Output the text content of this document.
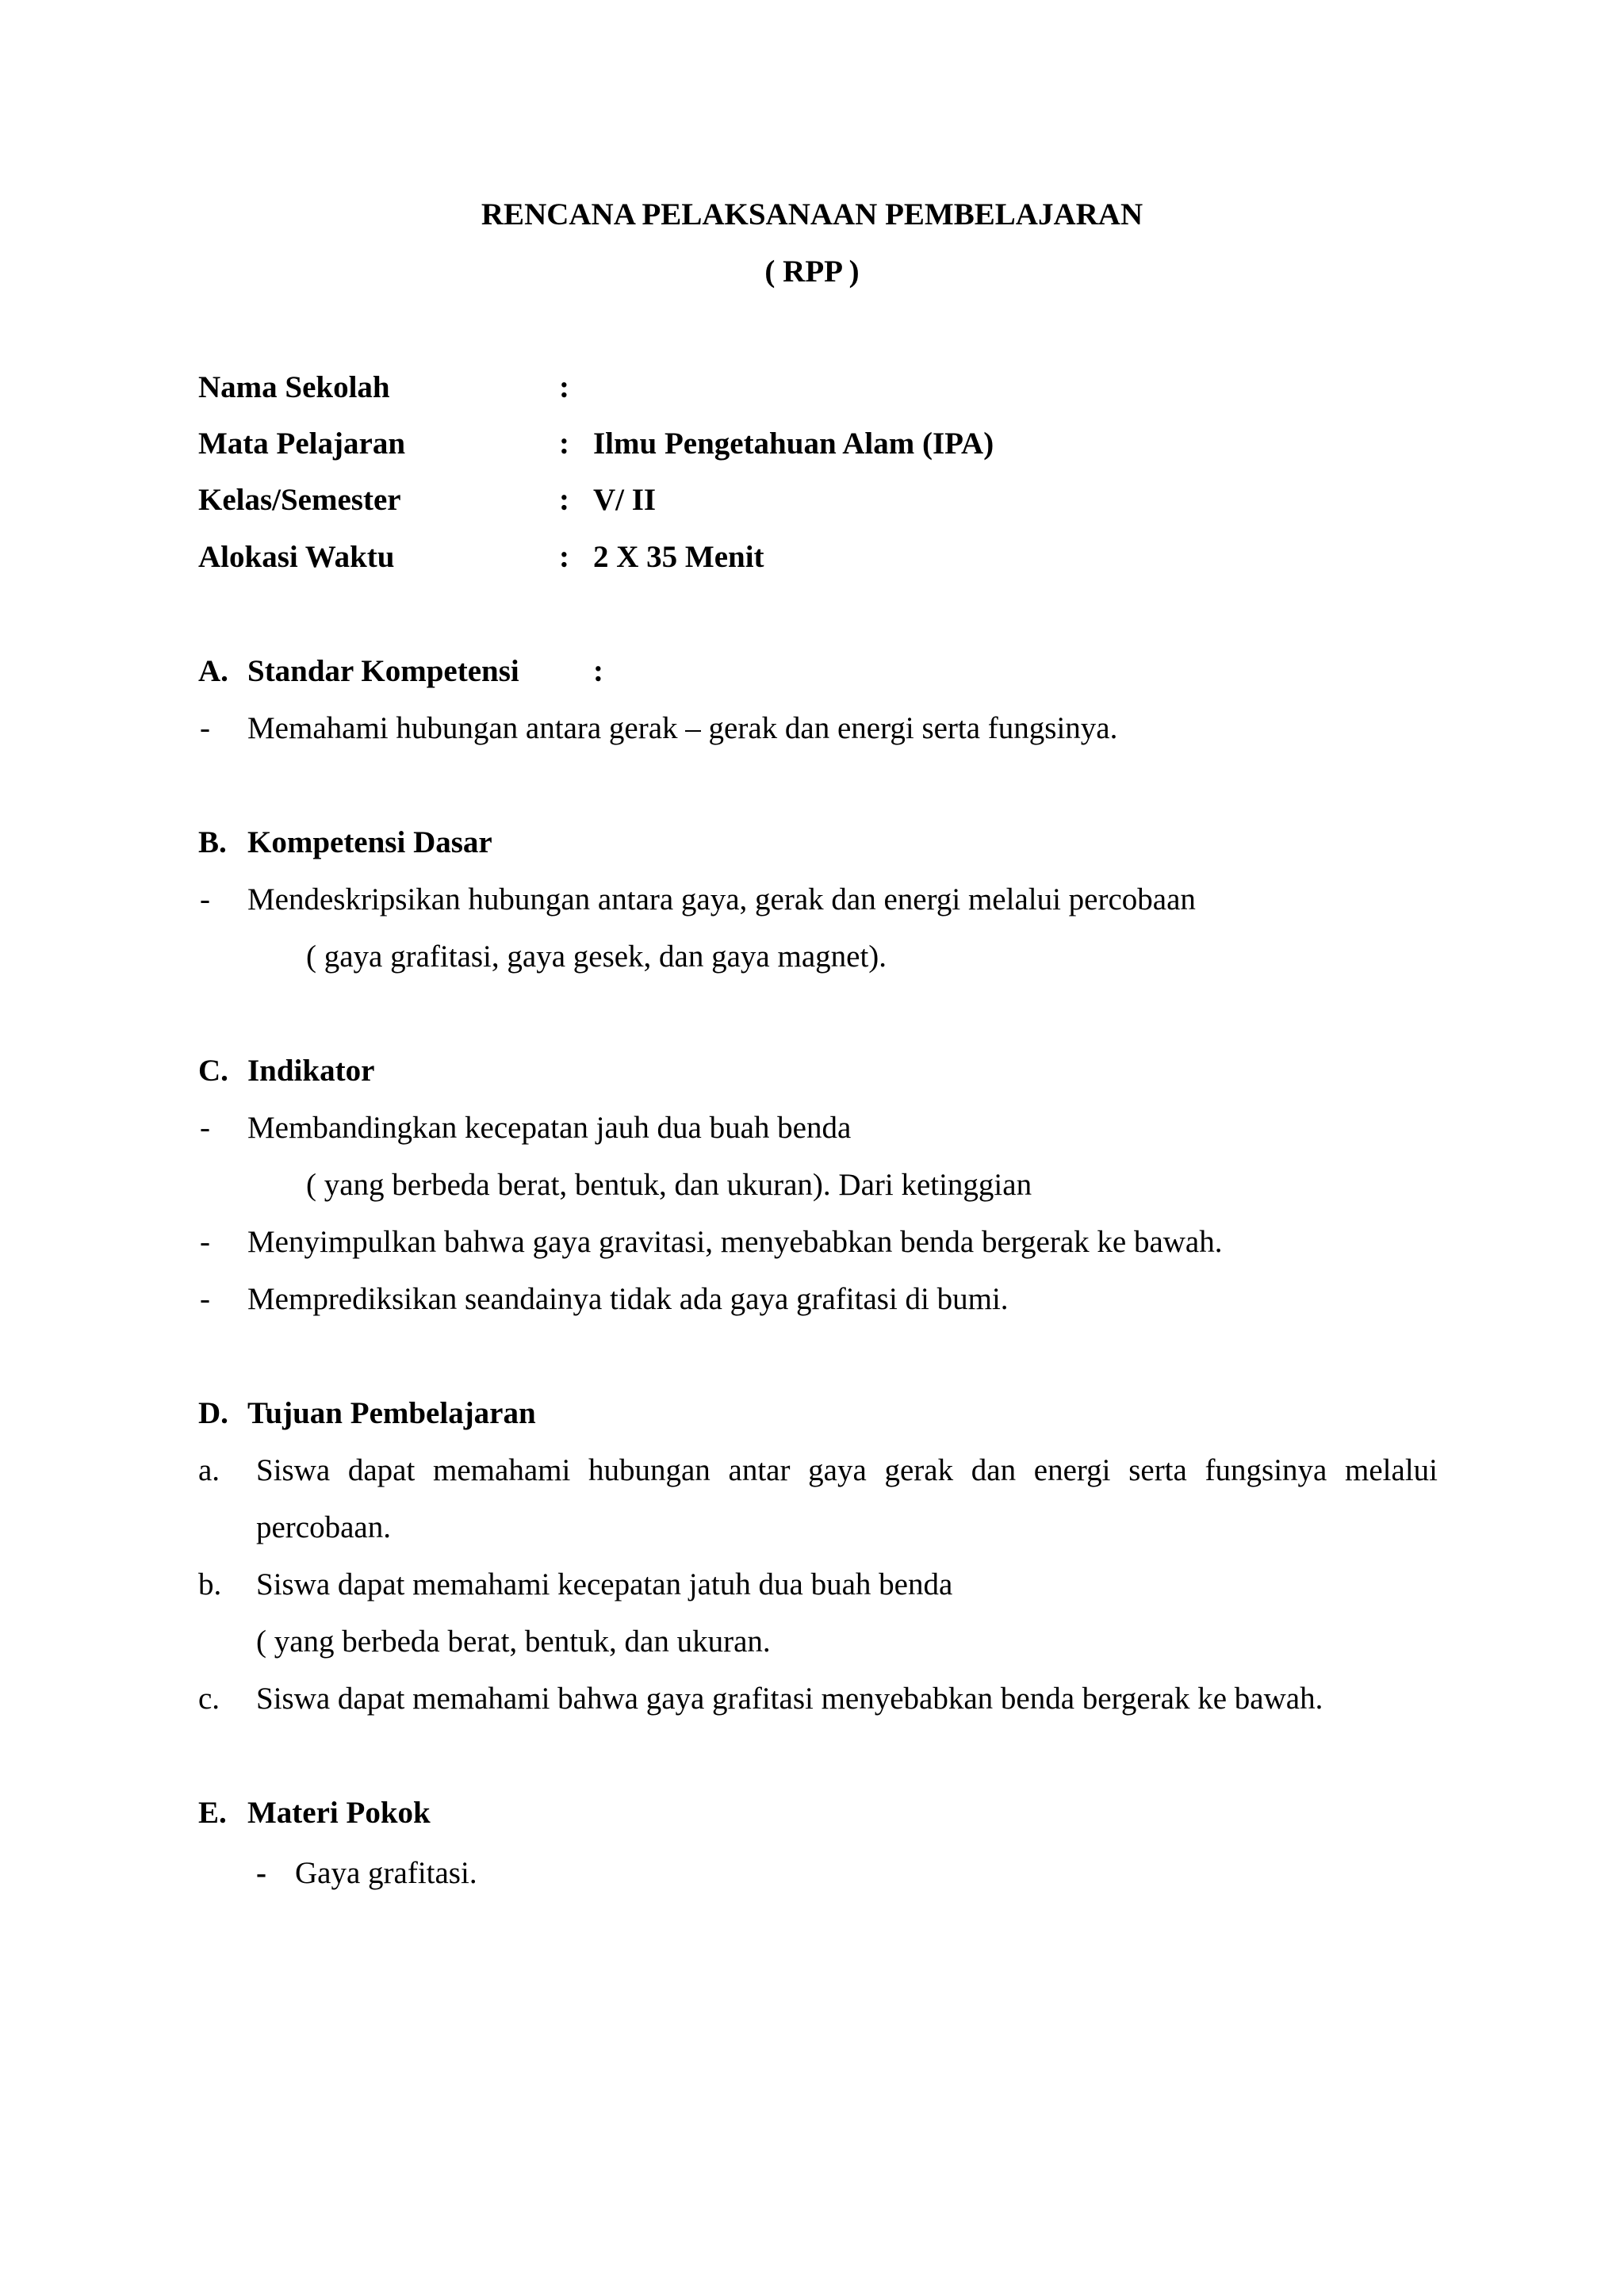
RENCANA PELAKSANAAN PEMBELAJARAN
( RPP )
Nama Sekolah	:
Mata Pelajaran	: Ilmu Pengetahuan Alam (IPA)
Kelas/Semester	: V/ II
Alokasi Waktu	: 2 X 35 Menit
A. Standar Kompetensi :
- Memahami hubungan antara gerak – gerak dan energi serta fungsinya.
B. Kompetensi Dasar
- Mendeskripsikan hubungan antara gaya, gerak dan energi melalui percobaan
( gaya grafitasi, gaya gesek, dan gaya magnet).
C. Indikator
- Membandingkan kecepatan jauh dua buah benda
( yang berbeda berat, bentuk, dan ukuran). Dari ketinggian
- Menyimpulkan bahwa gaya gravitasi, menyebabkan benda bergerak ke bawah.
- Memprediksikan seandainya tidak ada gaya grafitasi di bumi.
D. Tujuan Pembelajaran
a. Siswa dapat memahami hubungan antar gaya gerak dan energi serta fungsinya melalui
percobaan.
b. Siswa dapat memahami kecepatan jatuh dua buah benda
( yang berbeda berat, bentuk, dan ukuran.
c. Siswa dapat memahami bahwa gaya grafitasi menyebabkan benda bergerak ke bawah.
E. Materi Pokok
- Gaya grafitasi.
